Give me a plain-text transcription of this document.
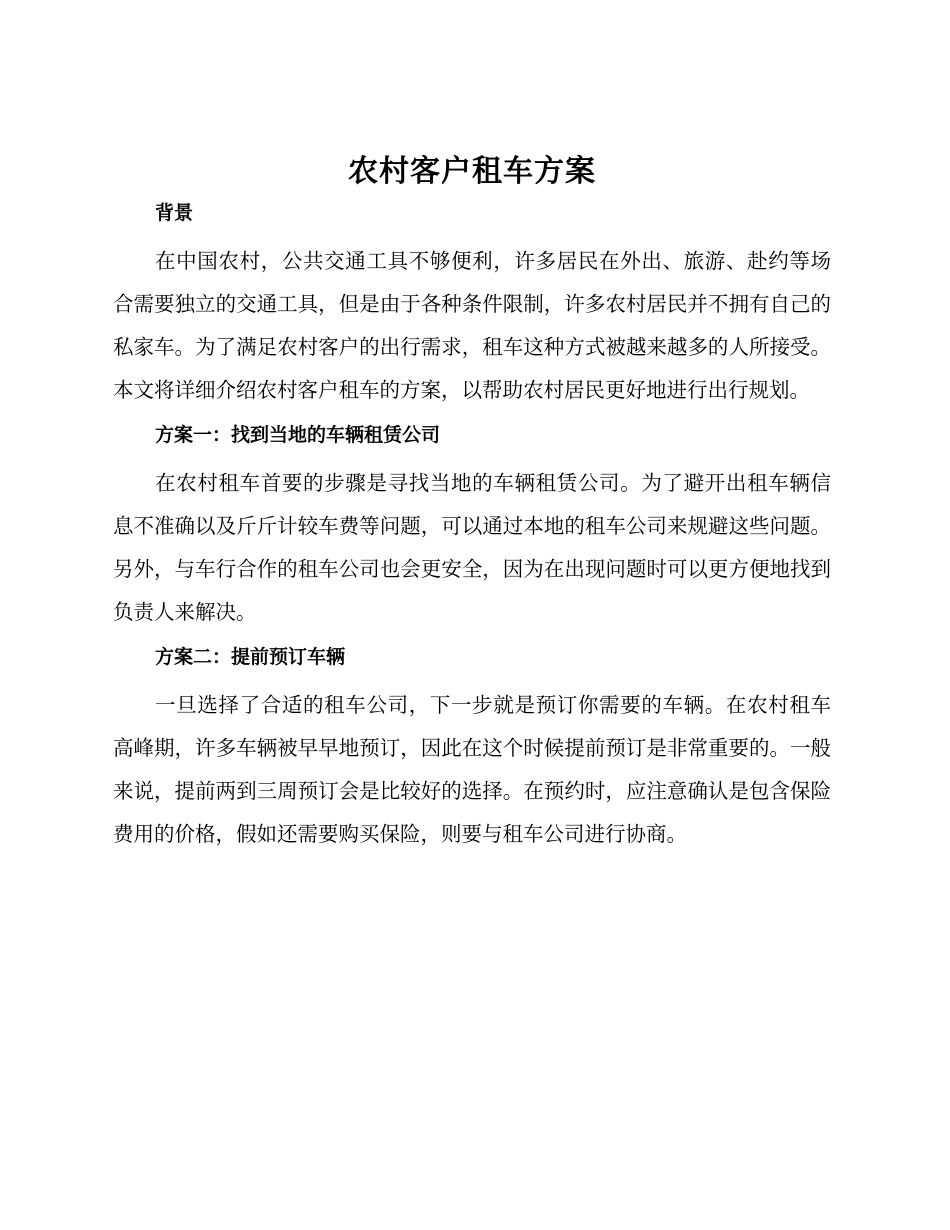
农村客户租车方案
背景

在中国农村，公共交通工具不够便利，许多居民在外出、旅游、赴约等场合需要独立的交通工具，但是由于各种条件限制，许多农村居民并不拥有自己的私家车。为了满足农村客户的出行需求，租车这种方式被越来越多的人所接受。本文将详细介绍农村客户租车的方案，以帮助农村居民更好地进行出行规划。

方案一：找到当地的车辆租赁公司

在农村租车首要的步骤是寻找当地的车辆租赁公司。为了避开出租车辆信息不准确以及斤斤计较车费等问题，可以通过本地的租车公司来规避这些问题。另外，与车行合作的租车公司也会更安全，因为在出现问题时可以更方便地找到负责人来解决。

方案二：提前预订车辆

一旦选择了合适的租车公司，下一步就是预订你需要的车辆。在农村租车高峰期，许多车辆被早早地预订，因此在这个时候提前预订是非常重要的。一般来说，提前两到三周预订会是比较好的选择。在预约时，应注意确认是包含保险费用的价格，假如还需要购买保险，则要与租车公司进行协商。
